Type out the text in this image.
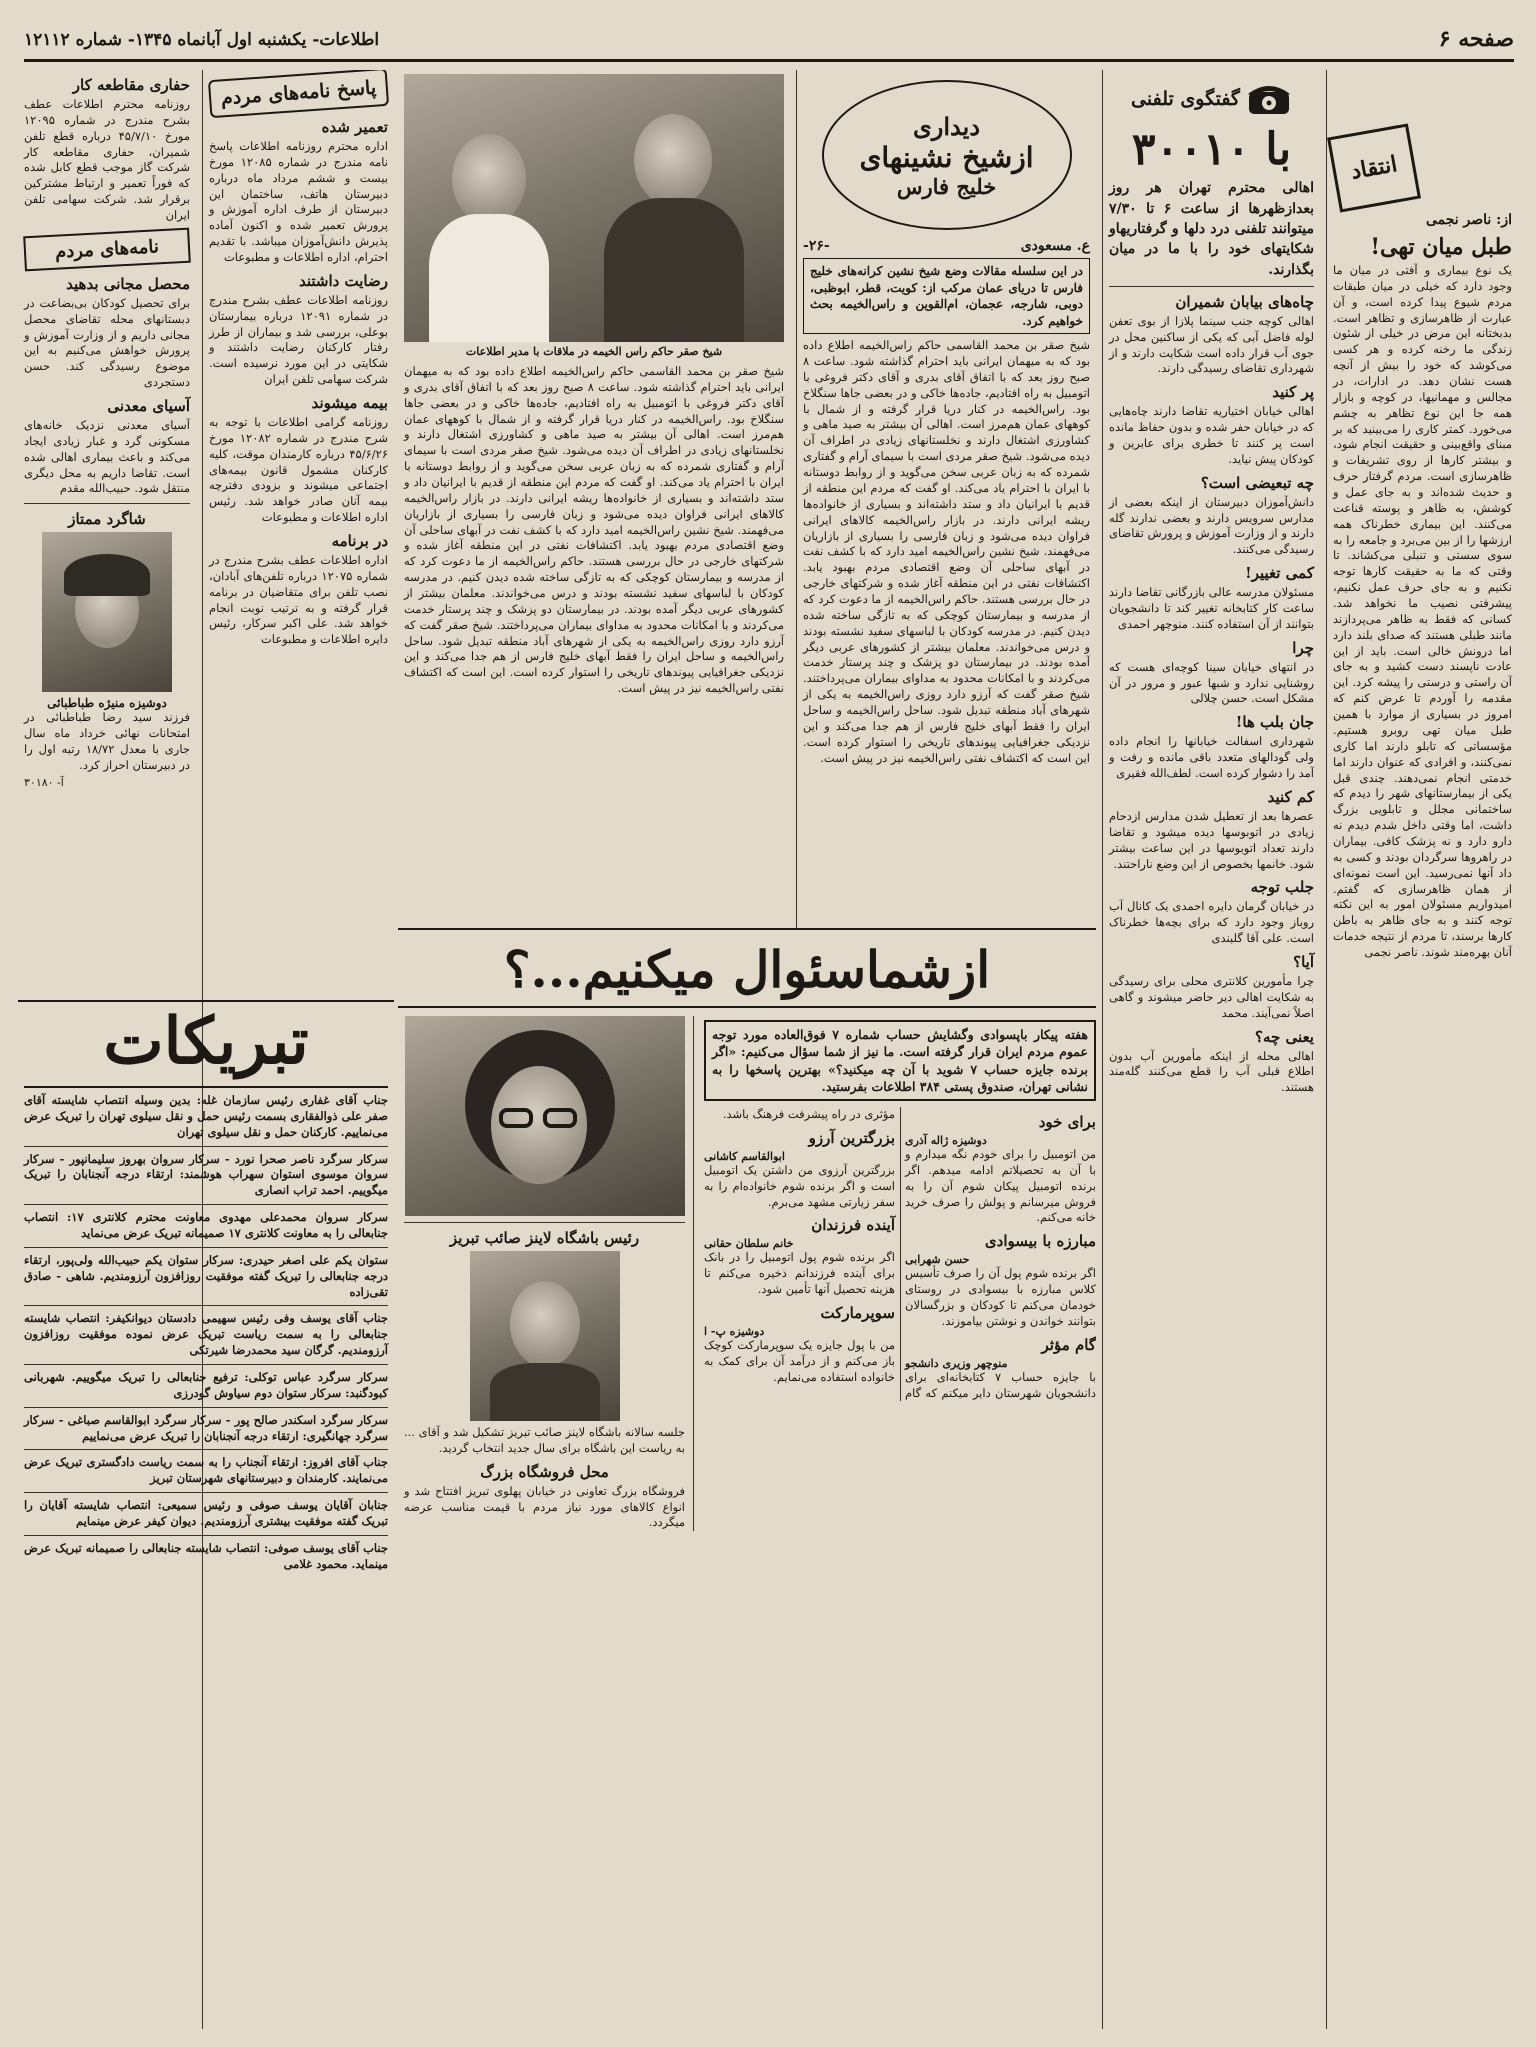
صفحه ۶
اطلاعات- یکشنبه اول آبانماه ۱۳۴۵- شماره ۱۲۱۱۲
انتقاد
از: ناصر نجمی
طبل میان تهی!
یک نوع بیماری و آفتی در میان ما وجود دارد که خیلی در میان طبقات مردم شیوع پیدا کرده است، و آن عبارت از ظاهرسازی و تظاهر است. بدبختانه این مرض در خیلی از شئون زندگی ما رخنه کرده و هر کسی می‌کوشد که خود را بیش از آنچه هست نشان دهد. در ادارات، در مجالس و مهمانیها، در کوچه و بازار همه جا این نوع تظاهر به چشم می‌خورد. کمتر کاری را می‌بینید که بر مبنای واقع‌بینی و حقیقت انجام شود، و بیشتر کارها از روی تشریفات و ظاهرسازی است. مردم گرفتار حرف و حدیث شده‌اند و به جای عمل و کوشش، به ظاهر و پوسته قناعت می‌کنند. این بیماری خطرناک همه ارزشها را از بین می‌برد و جامعه را به سوی سستی و تنبلی می‌کشاند. تا وقتی که ما به حقیقت کارها توجه نکنیم و به جای حرف عمل نکنیم، پیشرفتی نصیب ما نخواهد شد. کسانی که فقط به ظاهر می‌پردازند مانند طبلی هستند که صدای بلند دارد اما درونش خالی است. باید از این عادت ناپسند دست کشید و به جای آن راستی و درستی را پیشه کرد. این مقدمه را آوردم تا عرض کنم که امروز در بسیاری از موارد با همین طبل میان تهی روبرو هستیم. مؤسساتی که تابلو دارند اما کاری نمی‌کنند، و افرادی که عنوان دارند اما خدمتی انجام نمی‌دهند. چندی قبل یکی از بیمارستانهای شهر را دیدم که ساختمانی مجلل و تابلویی بزرگ داشت، اما وقتی داخل شدم دیدم نه دارو دارد و نه پزشک کافی. بیماران در راهروها سرگردان بودند و کسی به داد آنها نمی‌رسید. این است نمونه‌ای از همان ظاهرسازی که گفتم. امیدواریم مسئولان امور به این نکته توجه کنند و به جای ظاهر به باطن کارها برسند، تا مردم از نتیجه خدمات آنان بهره‌مند شوند. ناصر نجمی
گفتگوی تلفنی
با ۳۰۰۱۰
اهالی محترم تهران هر روز بعدازظهرها از ساعت ۶ تا ۷/۳۰ میتوانند تلفنی درد دلها و گرفتاریهاو شکایتهای خود را با ما در میان بگذارند.
چاه‌های بیابان شمیران
اهالی کوچه جنب سینما پلازا از بوی تعفن لوله فاضل آبی که یکی از ساکنین محل در جوی آب قرار داده است شکایت دارند و از شهرداری تقاضای رسیدگی دارند.
پر کنید
اهالی خیابان اختیاریه تقاضا دارند چاه‌هایی که در خیابان حفر شده و بدون حفاظ مانده است پر کنند تا خطری برای عابرین و کودکان پیش نیاید.
چه تبعیضی است؟
دانش‌آموزان دبیرستان از اینکه بعضی از مدارس سرویس دارند و بعضی ندارند گله دارند و از وزارت آموزش و پرورش تقاضای رسیدگی می‌کنند.
کمی تغییر!
مسئولان مدرسه عالی بازرگانی تقاضا دارند ساعت کار کتابخانه تغییر کند تا دانشجویان بتوانند از آن استفاده کنند. منوچهر احمدی
چرا
در انتهای خیابان سینا کوچه‌ای هست که روشنایی ندارد و شبها عبور و مرور در آن مشکل است. حسن چلالی
جان بلب ها!
شهرداری اسفالت خیابانها را انجام داده ولی گودالهای متعدد باقی مانده و رفت و آمد را دشوار کرده است. لطف‌الله فقیری
کم کنید
عصرها بعد از تعطیل شدن مدارس ازدحام زیادی در اتوبوسها دیده میشود و تقاضا دارند تعداد اتوبوسها در این ساعت بیشتر شود. خانمها بخصوص از این وضع ناراحتند.
جلب توجه
در خیابان گرمان دایره احمدی یک کانال آب روباز وجود دارد که برای بچه‌ها خطرناک است. علی آقا گلبندی
آیا؟
چرا مأمورین کلانتری محلی برای رسیدگی به شکایت اهالی دیر حاضر میشوند و گاهی اصلاً نمی‌آیند. محمد
یعنی چه؟
اهالی محله از اینکه مأمورین آب بدون اطلاع قبلی آب را قطع می‌کنند گله‌مند هستند.
دیداری
ازشیخ نشینهای
خلیج فارس
ع. مسعودی
-۲۶-
در این سلسله مقالات وضع شیخ نشین کرانه‌های خلیج فارس تا دریای عمان مرکب از: کویت، قطر، ابوظبی، دوبی، شارجه، عجمان، ام‌القوین و راس‌الخیمه بحث خواهیم کرد.
شیخ صقر بن محمد القاسمی حاکم راس‌الخیمه اطلاع داده بود که به میهمان ایرانی باید احترام گذاشته شود. ساعت ۸ صبح روز بعد که با اتفاق آقای بدری و آقای دکتر فروغی با اتومبیل به راه افتادیم، جاده‌ها خاکی و در بعضی جاها سنگلاخ بود. راس‌الخیمه در کنار دریا قرار گرفته و از شمال با کوههای عمان هم‌مرز است. اهالی آن بیشتر به صید ماهی و کشاورزی اشتغال دارند و نخلستانهای زیادی در اطراف آن دیده می‌شود. شیخ صقر مردی است با سیمای آرام و گفتاری شمرده که به زبان عربی سخن می‌گوید و از روابط دوستانه با ایران با احترام یاد می‌کند. او گفت که مردم این منطقه از قدیم با ایرانیان داد و ستد داشته‌اند و بسیاری از خانواده‌ها ریشه ایرانی دارند. در بازار راس‌الخیمه کالاهای ایرانی فراوان دیده می‌شود و زبان فارسی را بسیاری از بازاریان می‌فهمند. شیخ نشین راس‌الخیمه امید دارد که با کشف نفت در آبهای ساحلی آن وضع اقتصادی مردم بهبود یابد. اکتشافات نفتی در این منطقه آغاز شده و شرکتهای خارجی در حال بررسی هستند. حاکم راس‌الخیمه از ما دعوت کرد که از مدرسه و بیمارستان کوچکی که به تازگی ساخته شده دیدن کنیم. در مدرسه کودکان با لباسهای سفید نشسته بودند و درس می‌خواندند. معلمان بیشتر از کشورهای عربی دیگر آمده بودند. در بیمارستان دو پزشک و چند پرستار خدمت می‌کردند و با امکانات محدود به مداوای بیماران می‌پرداختند. شیخ صقر گفت که آرزو دارد روزی راس‌الخیمه به یکی از شهرهای آباد منطقه تبدیل شود. ساحل راس‌الخیمه و ساحل ایران را فقط آبهای خلیج فارس از هم جدا می‌کند و این نزدیکی جغرافیایی پیوندهای تاریخی را استوار کرده است. این است که اکتشاف نفتی راس‌الخیمه نیز در پیش است.
شیخ صقر حاکم راس الخیمه در ملاقات با مدیر اطلاعات
شیخ صقر بن محمد القاسمی حاکم راس‌الخیمه اطلاع داده بود که به میهمان ایرانی باید احترام گذاشته شود. ساعت ۸ صبح روز بعد که با اتفاق آقای بدری و آقای دکتر فروغی با اتومبیل به راه افتادیم، جاده‌ها خاکی و در بعضی جاها سنگلاخ بود. راس‌الخیمه در کنار دریا قرار گرفته و از شمال با کوههای عمان هم‌مرز است. اهالی آن بیشتر به صید ماهی و کشاورزی اشتغال دارند و نخلستانهای زیادی در اطراف آن دیده می‌شود. شیخ صقر مردی است با سیمای آرام و گفتاری شمرده که به زبان عربی سخن می‌گوید و از روابط دوستانه با ایران با احترام یاد می‌کند. او گفت که مردم این منطقه از قدیم با ایرانیان داد و ستد داشته‌اند و بسیاری از خانواده‌ها ریشه ایرانی دارند. در بازار راس‌الخیمه کالاهای ایرانی فراوان دیده می‌شود و زبان فارسی را بسیاری از بازاریان می‌فهمند. شیخ نشین راس‌الخیمه امید دارد که با کشف نفت در آبهای ساحلی آن وضع اقتصادی مردم بهبود یابد. اکتشافات نفتی در این منطقه آغاز شده و شرکتهای خارجی در حال بررسی هستند. حاکم راس‌الخیمه از ما دعوت کرد که از مدرسه و بیمارستان کوچکی که به تازگی ساخته شده دیدن کنیم. در مدرسه کودکان با لباسهای سفید نشسته بودند و درس می‌خواندند. معلمان بیشتر از کشورهای عربی دیگر آمده بودند. در بیمارستان دو پزشک و چند پرستار خدمت می‌کردند و با امکانات محدود به مداوای بیماران می‌پرداختند. شیخ صقر گفت که آرزو دارد روزی راس‌الخیمه به یکی از شهرهای آباد منطقه تبدیل شود. ساحل راس‌الخیمه و ساحل ایران را فقط آبهای خلیج فارس از هم جدا می‌کند و این نزدیکی جغرافیایی پیوندهای تاریخی را استوار کرده است. این است که اکتشاف نفتی راس‌الخیمه نیز در پیش است.
پاسخ نامه‌های مردم
تعمیر شده
اداره محترم روزنامه اطلاعات پاسخ نامه مندرج در شماره ۱۲۰۸۵ مورخ بیست و ششم مرداد ماه درباره دبیرستان هاتف، ساختمان این دبیرستان از طرف اداره آموزش و پرورش تعمیر شده و اکنون آماده پذیرش دانش‌آموزان میباشد. با تقدیم احترام، اداره اطلاعات و مطبوعات
رضایت داشتند
روزنامه اطلاعات عطف بشرح مندرج در شماره ۱۲۰۹۱ درباره بیمارستان بوعلی، بررسی شد و بیماران از طرز رفتار کارکنان رضایت داشتند و شکایتی در این مورد نرسیده است. شرکت سهامی تلفن ایران
بیمه میشوند
روزنامه گرامی اطلاعات با توجه به شرح مندرج در شماره ۱۲۰۸۲ مورخ ۴۵/۶/۲۶ درباره کارمندان موقت، کلیه کارکنان مشمول قانون بیمه‌های اجتماعی میشوند و بزودی دفترچه بیمه آنان صادر خواهد شد. رئیس اداره اطلاعات و مطبوعات
در برنامه
اداره اطلاعات عطف بشرح مندرج در شماره ۱۲۰۷۵ درباره تلفن‌های آبادان، نصب تلفن برای متقاضیان در برنامه قرار گرفته و به ترتیب نوبت انجام خواهد شد. علی اکبر سرکار، رئیس دایره اطلاعات و مطبوعات
حفاری مقاطعه کار
روزنامه محترم اطلاعات عطف بشرح مندرج در شماره ۱۲۰۹۵ مورخ ۴۵/۷/۱۰ درباره قطع تلفن شمیران، حفاری مقاطعه کار شرکت گاز موجب قطع کابل شده که فوراً تعمیر و ارتباط مشترکین برقرار شد. شرکت سهامی تلفن ایران
نامه‌های مردم
محصل مجانی بدهید
برای تحصیل کودکان بی‌بضاعت در دبستانهای محله تقاضای محصل مجانی داریم و از وزارت آموزش و پرورش خواهش می‌کنیم به این موضوع رسیدگی کند. حسن دستجردی
آسیای معدنی
آسیای معدنی نزدیک خانه‌های مسکونی گرد و غبار زیادی ایجاد می‌کند و باعث بیماری اهالی شده است. تقاضا داریم به محل دیگری منتقل شود. حبیب‌الله مقدم
شاگرد ممتاز
دوشیزه منیژه طباطبائی
فرزند سید رضا طباطبائی در امتحانات نهائی خرداد ماه سال جاری با معدل ۱۸/۷۲ رتبه اول را در دبیرستان احراز کرد.
آ- ۳۰۱۸۰
ازشماسئوال میکنیم...؟
هفته پیکار باپسوادی وگشایش حساب شماره ۷ فوق‌العاده مورد توجه عموم مردم ایران قرار گرفته است. ما نیز از شما سؤال می‌کنیم: «اگر برنده جایزه حساب ۷ شوید با آن چه میکنید؟» بهترین پاسخها را به نشانی تهران، صندوق پستی ۳۸۴ اطلاعات بفرستید.
برای خود
دوشیزه ژاله آذری
من اتومبیل را برای خودم نگه میدارم و با آن به تحصیلاتم ادامه میدهم. اگر برنده اتومبیل پیکان شوم آن را به فروش میرسانم و پولش را صرف خرید خانه می‌کنم.
مبارزه با بیسوادی
حسن شهرابی
اگر برنده شوم پول آن را صرف تأسیس کلاس مبارزه با بیسوادی در روستای خودمان می‌کنم تا کودکان و بزرگسالان بتوانند خواندن و نوشتن بیاموزند.
گام مؤثر
منوچهر وزیری دانشجو
با جایزه حساب ۷ کتابخانه‌ای برای دانشجویان شهرستان دایر میکنم که گام مؤثری در راه پیشرفت فرهنگ باشد.
بزرگترین آرزو
ابوالقاسم کاشانی
بزرگترین آرزوی من داشتن یک اتومبیل است و اگر برنده شوم خانواده‌ام را به سفر زیارتی مشهد می‌برم.
آینده فرزندان
خانم سلطان حقانی
اگر برنده شوم پول اتومبیل را در بانک برای آینده فرزندانم ذخیره می‌کنم تا هزینه تحصیل آنها تأمین شود.
سوپرمارکت
دوشیزه پ- ا
من با پول جایزه یک سوپرمارکت کوچک باز می‌کنم و از درآمد آن برای کمک به خانواده استفاده می‌نمایم.
رئیس باشگاه لاینز صائب تبریز
جلسه سالانه باشگاه لاینز صائب تبریز تشکیل شد و آقای ... به ریاست این باشگاه برای سال جدید انتخاب گردید.
محل فروشگاه بزرگ
فروشگاه بزرگ تعاونی در خیابان پهلوی تبریز افتتاح شد و انواع کالاهای مورد نیاز مردم با قیمت مناسب عرضه میگردد.
تبریکات
جناب آقای غفاری رئیس سازمان غله: بدین وسیله انتصاب شایسته آقای صفر علی ذوالفقاری بسمت رئیس حمل و نقل سیلوی تهران را تبریک عرض می‌نماییم. کارکنان حمل و نقل سیلوی تهران
سرکار سرگرد ناصر صحرا نورد - سرکار سروان بهروز سلیمانپور - سرکار سروان موسوی استوان سهراب هوشمند: ارتقاء درجه آنجنابان را تبریک میگوییم. احمد تراب انصاری
سرکار سروان محمدعلی مهدوی معاونت محترم کلانتری ۱۷: انتصاب جنابعالی را به معاونت کلانتری ۱۷ صمیمانه تبریک عرض می‌نماید
ستوان یکم علی اصغر حیدری: سرکار ستوان یکم حبیب‌الله ولی‌پور، ارتقاء درجه جنابعالی را تبریک گفته موفقیت روزافزون آرزومندیم. شاهی - صادق تقی‌زاده
جناب آقای یوسف وفی رئیس سهیمی دادستان دیوانکیفر: انتصاب شایسته جنابعالی را به سمت ریاست تبریک عرض نموده موفقیت روزافزون آرزومندیم. گرگان سید محمدرضا شیرتکی
سرکار سرگرد عباس توکلی: ترفیع جنابعالی را تبریک میگوییم. شهربانی کبودگنبد: سرکار ستوان دوم سیاوش گودرزی
سرکار سرگرد اسکندر صالح پور - سرکار سرگرد ابوالقاسم صباغی - سرکار سرگرد جهانگیری: ارتقاء درجه آنجنابان را تبریک عرض می‌نماییم
جناب آقای افروز: ارتقاء آنجناب را به سمت ریاست دادگستری تبریک عرض می‌نمایند. کارمندان و دبیرستانهای شهرستان تبریز
جنابان آقایان یوسف صوفی و رئیس سمیعی: انتصاب شایسته آقایان را تبریک گفته موفقیت بیشتری آرزومندیم. دیوان کیفر عرض مینمایم
جناب آقای یوسف صوفی: انتصاب شایسته جنابعالی را صمیمانه تبریک عرض مینماید. محمود غلامی
